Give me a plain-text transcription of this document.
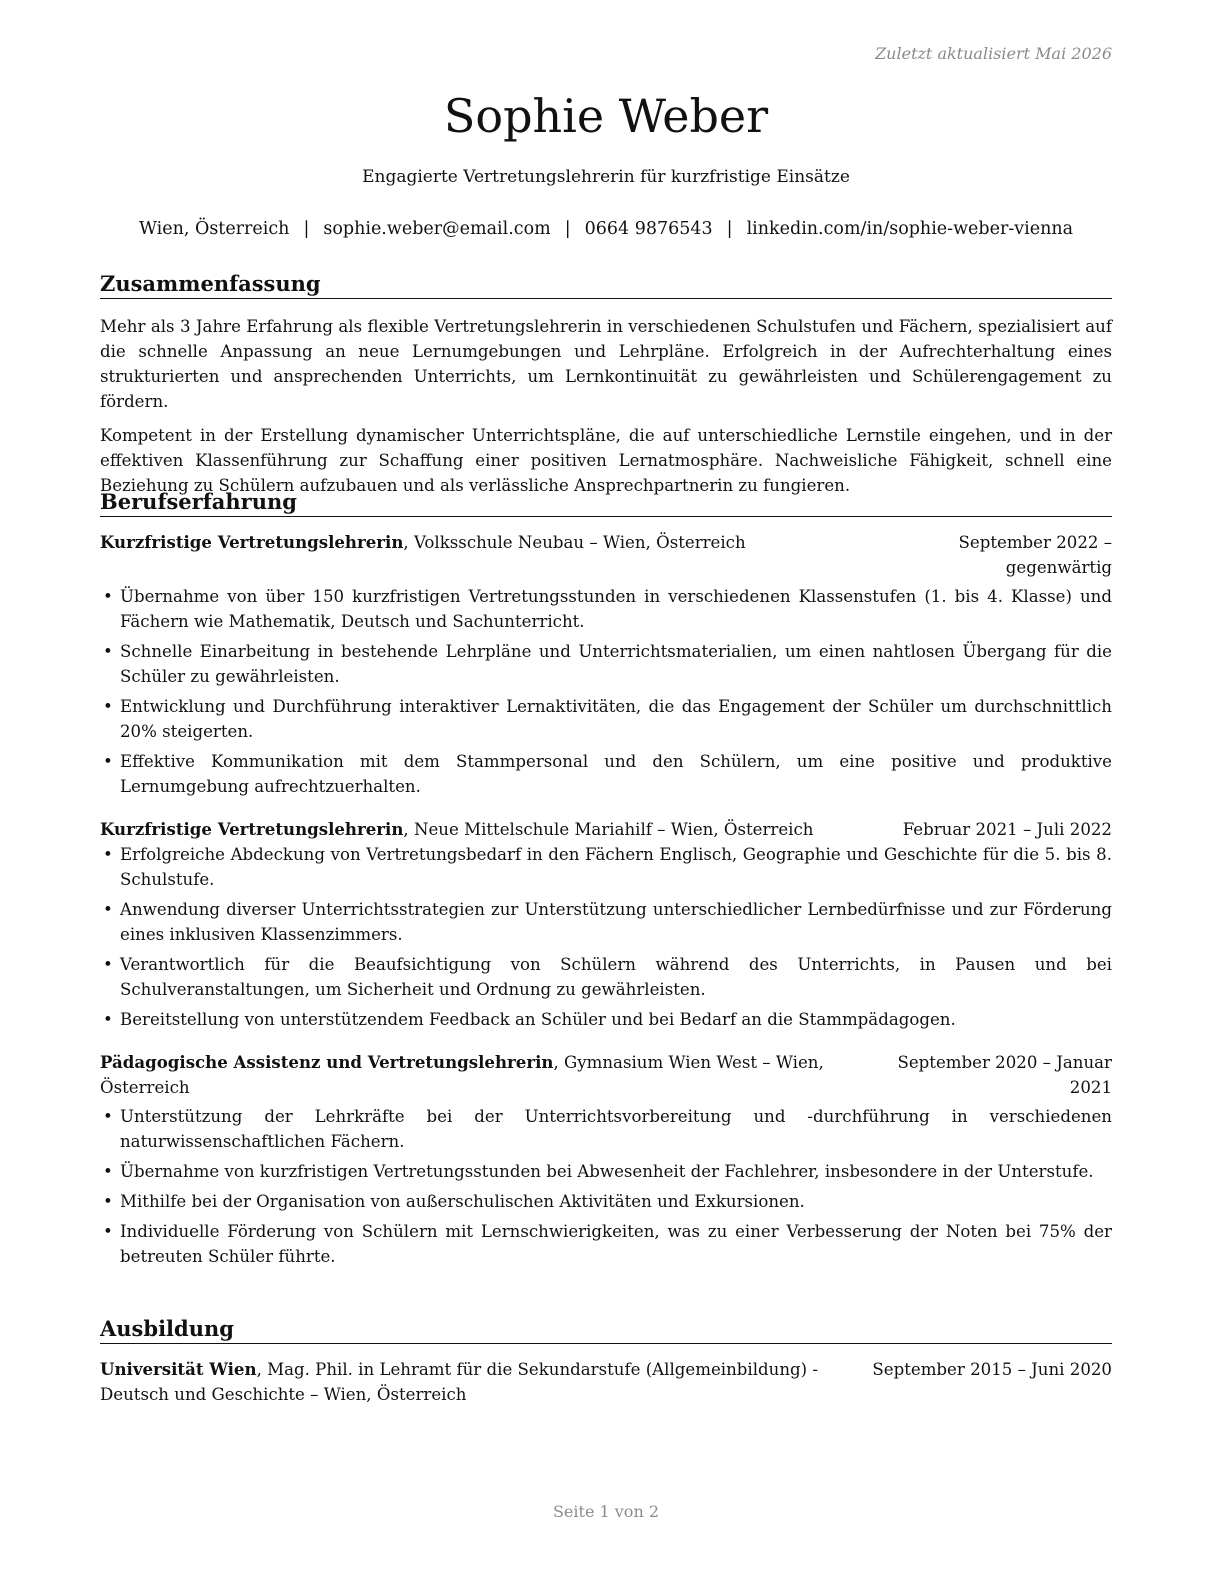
Zuletzt aktualisiert Mai 2026
Sophie Weber
Engagierte Vertretungslehrerin für kurzfristige Einsätze
Wien, Österreich | sophie.weber@email.com | 0664 9876543 | linkedin.com/in/sophie-weber-vienna
Zusammenfassung

Mehr als 3 Jahre Erfahrung als flexible Vertretungslehrerin in verschiedenen Schulstufen und Fächern, spezialisiert auf die schnelle Anpassung an neue Lernumgebungen und Lehrpläne. Erfolgreich in der Aufrechterhaltung eines strukturierten und ansprechenden Unterrichts, um Lernkontinuität zu gewährleisten und Schülerengagement zu fördern.

Kompetent in der Erstellung dynamischer Unterrichtspläne, die auf unterschiedliche Lernstile eingehen, und in der effektiven Klassenführung zur Schaffung einer positiven Lernatmosphäre. Nachweisliche Fähigkeit, schnell eine Beziehung zu Schülern aufzubauen und als verlässliche Ansprechpartnerin zu fungieren.

Berufserfahrung
Kurzfristige Vertretungslehrerin, Volksschule Neubau – Wien, Österreich	September 2022 – gegenwärtig
• Übernahme von über 150 kurzfristigen Vertretungsstunden in verschiedenen Klassenstufen (1. bis 4. Klasse) und Fächern wie Mathematik, Deutsch und Sachunterricht.
• Schnelle Einarbeitung in bestehende Lehrpläne und Unterrichtsmaterialien, um einen nahtlosen Übergang für die Schüler zu gewährleisten.
• Entwicklung und Durchführung interaktiver Lernaktivitäten, die das Engagement der Schüler um durchschnittlich 20% steigerten.
• Effektive Kommunikation mit dem Stammpersonal und den Schülern, um eine positive und produktive Lernumgebung aufrechtzuerhalten.
Kurzfristige Vertretungslehrerin, Neue Mittelschule Mariahilf – Wien, Österreich	Februar 2021 – Juli 2022
• Erfolgreiche Abdeckung von Vertretungsbedarf in den Fächern Englisch, Geographie und Geschichte für die 5. bis 8. Schulstufe.
• Anwendung diverser Unterrichtsstrategien zur Unterstützung unterschiedlicher Lernbedürfnisse und zur Förderung eines inklusiven Klassenzimmers.
• Verantwortlich für die Beaufsichtigung von Schülern während des Unterrichts, in Pausen und bei Schulveranstaltungen, um Sicherheit und Ordnung zu gewährleisten.
• Bereitstellung von unterstützendem Feedback an Schüler und bei Bedarf an die Stammpädagogen.
Pädagogische Assistenz und Vertretungslehrerin, Gymnasium Wien West – Wien, Österreich
September 2020 – Januar 2021
• Unterstützung der Lehrkräfte bei der Unterrichtsvorbereitung und -durchführung in verschiedenen naturwissenschaftlichen Fächern.
• Übernahme von kurzfristigen Vertretungsstunden bei Abwesenheit der Fachlehrer, insbesondere in der Unterstufe.
• Mithilfe bei der Organisation von außerschulischen Aktivitäten und Exkursionen.
• Individuelle Förderung von Schülern mit Lernschwierigkeiten, was zu einer Verbesserung der Noten bei 75% der betreuten Schüler führte.
Ausbildung
Universität Wien, Mag. Phil. in Lehramt für die Sekundarstufe (Allgemeinbildung) - Deutsch und Geschichte – Wien, Österreich
September 2015 – Juni 2020
Seite 1 von 2
